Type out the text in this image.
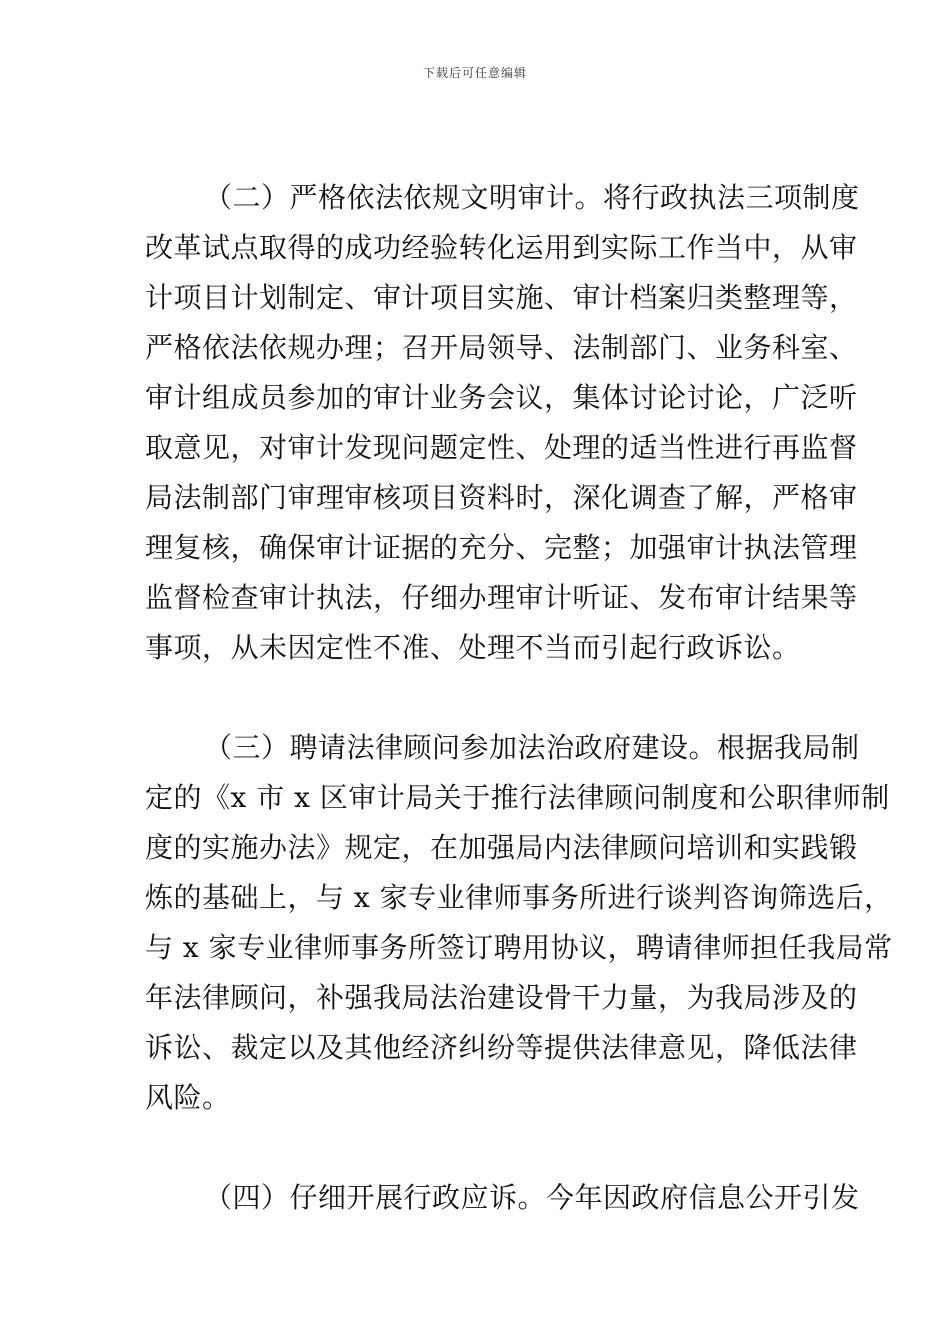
下载后可任意编辑
（二）严格依法依规文明审计。将行政执法三项制度
改革试点取得的成功经验转化运用到实际工作当中，从审
计项目计划制定、审计项目实施、审计档案归类整理等，
严格依法依规办理；召开局领导、法制部门、业务科室、
审计组成员参加的审计业务会议，集体讨论讨论，广泛听
取意见，对审计发现问题定性、处理的适当性进行再监督
局法制部门审理审核项目资料时，深化调查了解，严格审
理复核，确保审计证据的充分、完整；加强审计执法管理
监督检查审计执法，仔细办理审计听证、发布审计结果等
事项，从未因定性不准、处理不当而引起行政诉讼。
（三）聘请法律顾问参加法治政府建设。根据我局制
定的《x 市 x 区审计局关于推行法律顾问制度和公职律师制
度的实施办法》规定，在加强局内法律顾问培训和实践锻
炼的基础上，与 x 家专业律师事务所进行谈判咨询筛选后，
与 x 家专业律师事务所签订聘用协议，聘请律师担任我局常
年法律顾问，补强我局法治建设骨干力量，为我局涉及的
诉讼、裁定以及其他经济纠纷等提供法律意见，降低法律
风险。
（四）仔细开展行政应诉。今年因政府信息公开引发
